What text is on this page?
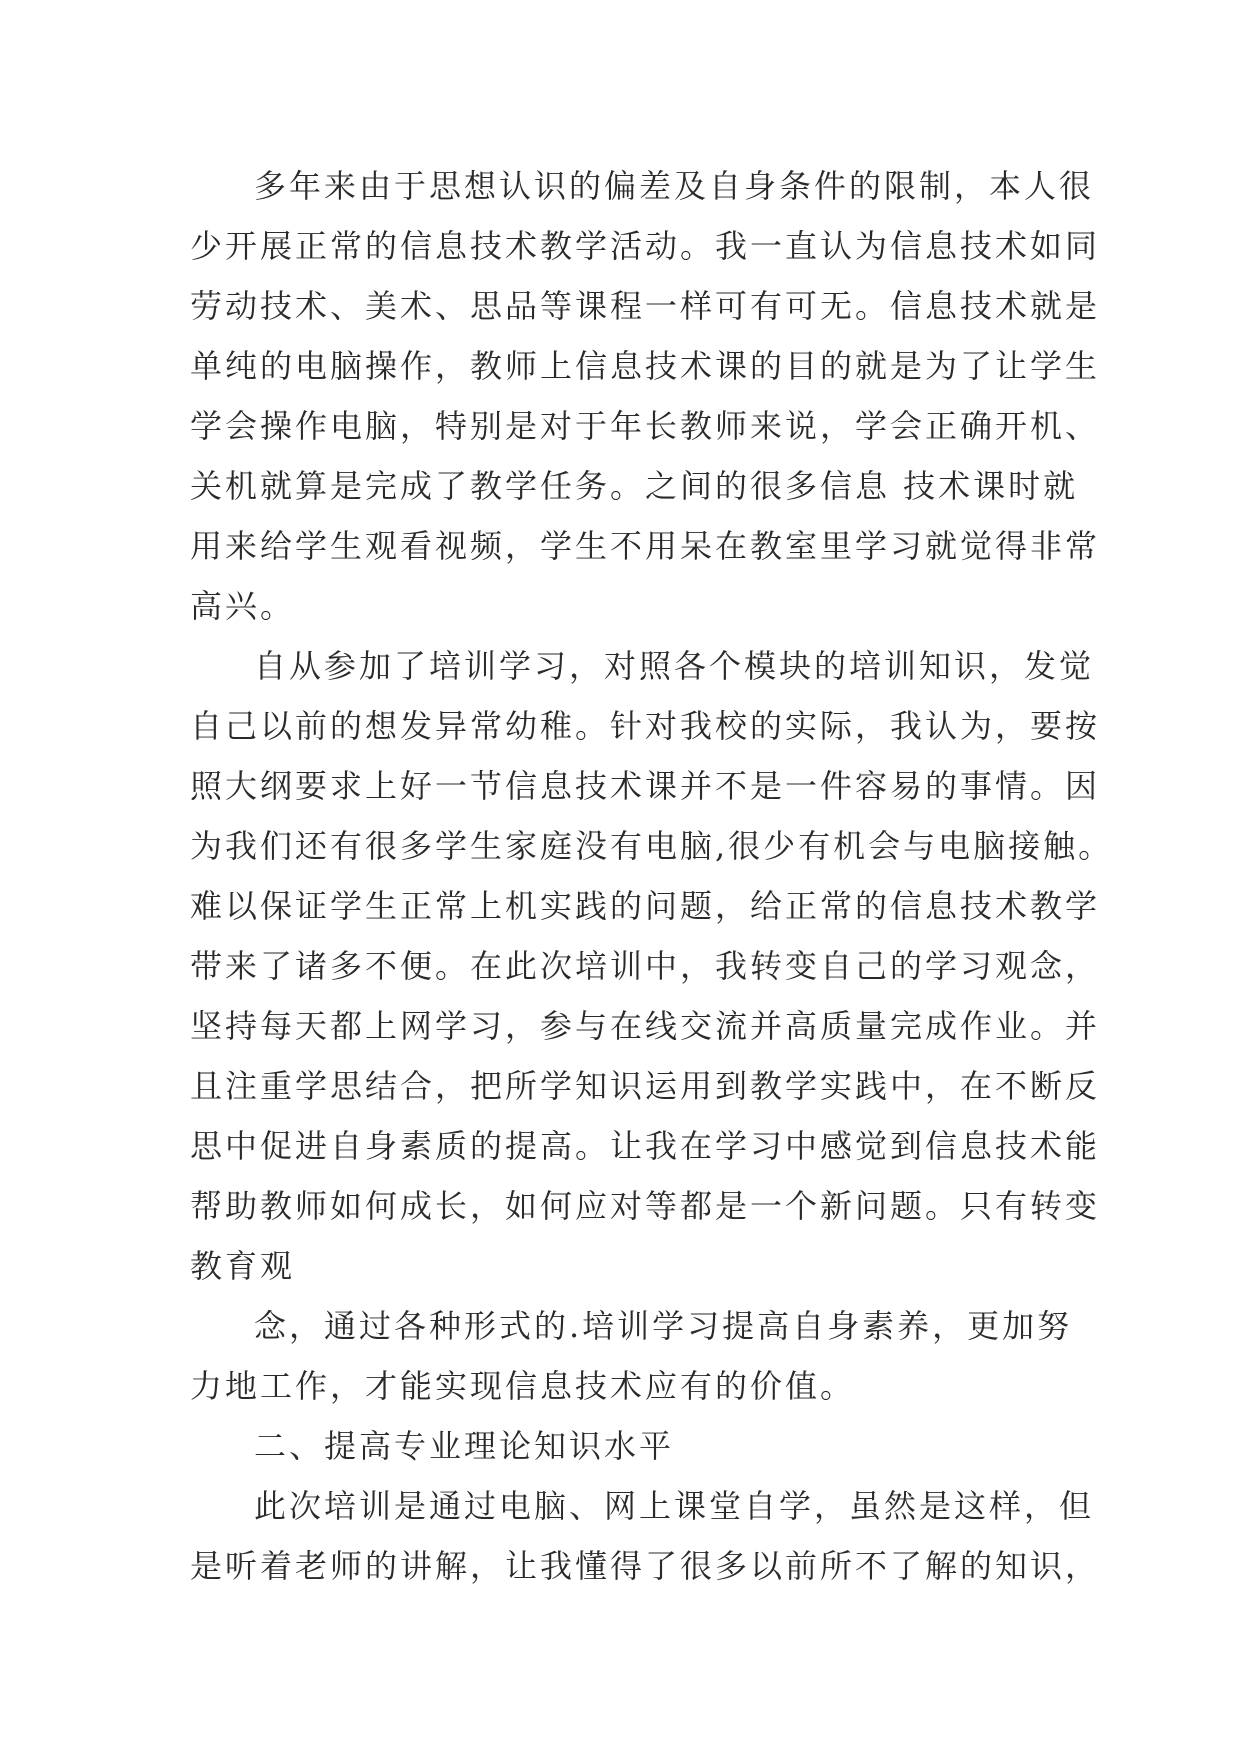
多年来由于思想认识的偏差及自身条件的限制，本人很
少开展正常的信息技术教学活动。我一直认为信息技术如同
劳动技术、美术、思品等课程一样可有可无。信息技术就是
单纯的电脑操作，教师上信息技术课的目的就是为了让学生
学会操作电脑，特别是对于年长教师来说，学会正确开机、
关机就算是完成了教学任务。之间的很多信息 技术课时就
用来给学生观看视频，学生不用呆在教室里学习就觉得非常
高兴。
自从参加了培训学习，对照各个模块的培训知识，发觉
自己以前的想发异常幼稚。针对我校的实际，我认为，要按
照大纲要求上好一节信息技术课并不是一件容易的事情。因
为我们还有很多学生家庭没有电脑,很少有机会与电脑接触。
难以保证学生正常上机实践的问题，给正常的信息技术教学
带来了诸多不便。在此次培训中，我转变自己的学习观念，
坚持每天都上网学习，参与在线交流并高质量完成作业。并
且注重学思结合，把所学知识运用到教学实践中，在不断反
思中促进自身素质的提高。让我在学习中感觉到信息技术能
帮助教师如何成长，如何应对等都是一个新问题。只有转变
教育观
念，通过各种形式的.培训学习提高自身素养，更加努
力地工作，才能实现信息技术应有的价值。
二、提高专业理论知识水平
此次培训是通过电脑、网上课堂自学，虽然是这样，但
是听着老师的讲解，让我懂得了很多以前所不了解的知识，
